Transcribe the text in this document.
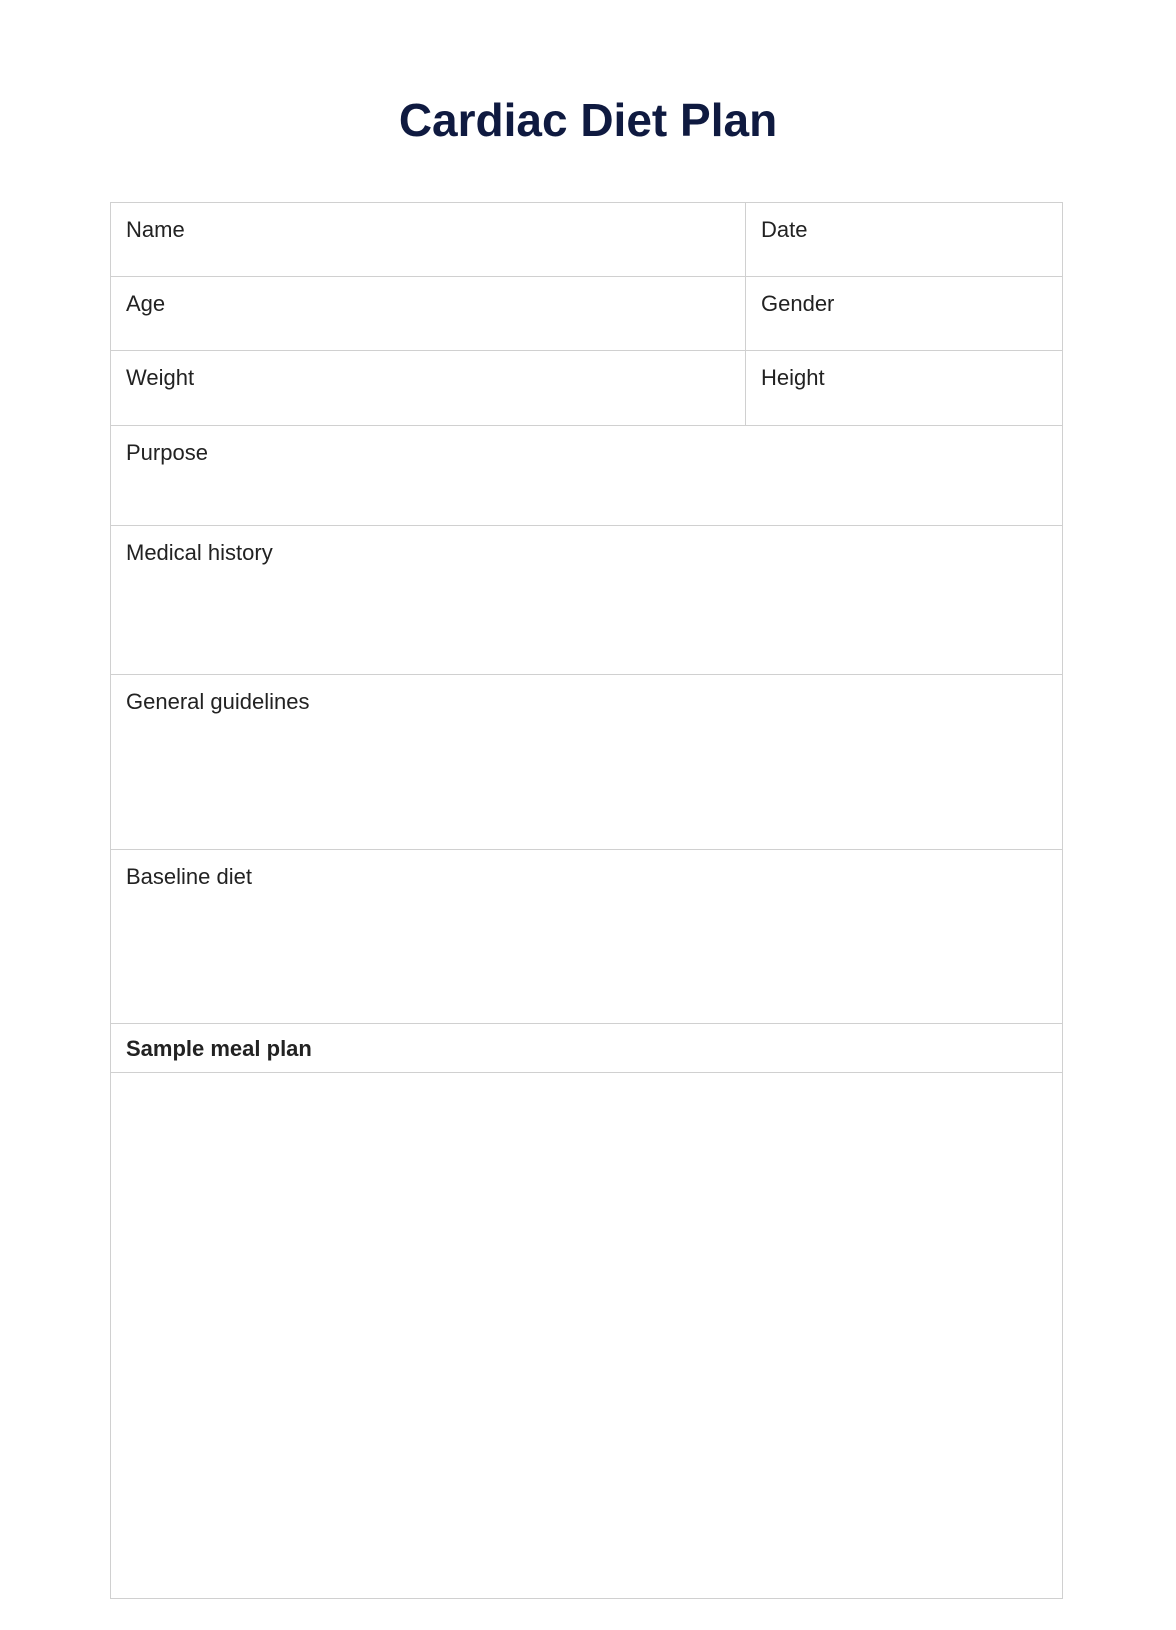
Cardiac Diet Plan
Name	Date
Age	Gender
Weight	Height
Purpose
Medical history
General guidelines
Baseline diet
Sample meal plan
